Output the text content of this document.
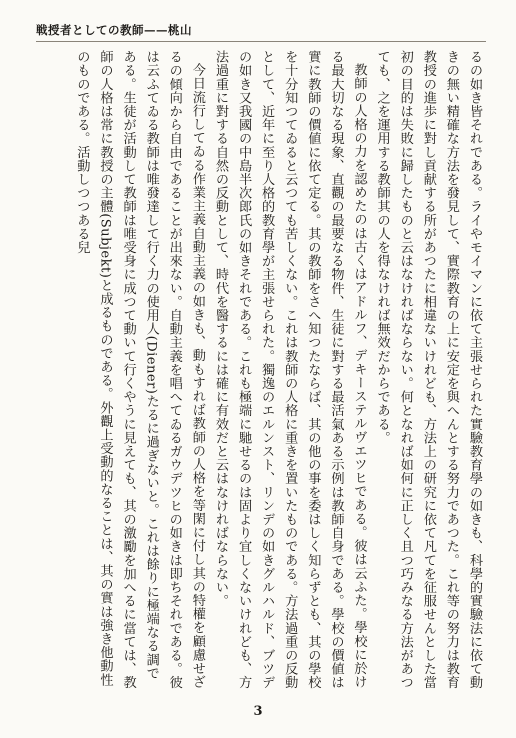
戦授者としての教師——桃山

るの如き皆それである。ライやモイマンに依て主張せられた實驗教育學の如きも、科學的實驗法に依て動きの無い精確な方法を發見して、實際教育の上に安定を與へんとする努力であつた。これ等の努力は教育教授の進歩に對し貢献する所があつたに相違ないけれども、方法上の研究に依て凡てを征服せんとした當初の目的は失敗に歸したものと云はなければならない。何となれば如何に正しく且つ巧みなる方法があつても、之を運用する教師其の人を得なければ無效だからである。

教師の人格の力を認めたのは古くはアドルフ、デキーステルヴエツヒである。彼は云ふた。學校に於ける最大切なる現象、直觀の最要なる物件、生徒に對する最活氣ある示例は教師自身である。學校の價値は實に教師の價値に依て定る。其の教師をさへ知つたならば、其の他の事を委はしく知らずとも、其の學校を十分知つてゐると云つても苦しくない。これは教師の人格に重きを置いたものである。方法過重の反動として、近年に至り人格的教育學が主張せられた。獨逸のエルンスト、リンデの如きグルハルド、ブツデの如き又我國の中島半次郎氏の如きそれである。これも極端に馳せるのは固より宜しくないけれども、方法過重に對する自然の反動として、時代を醫するには確に有效だと云はなければならない。

今日流行してゐる作業主義自動主義の如きも、動もすれば教師の人格を等閑に付し其の特權を顧慮せざるの傾向から自由であることが出來ない。自動主義を唱へてゐるガウデツヒの如きは即ちそれである。彼は云ふてゐる教師は唯發達して行く力の使用人(Diener)たるに過ぎないと。これは餘りに極端なる調である。生徒が活動して教師は唯受身に成つて動いて行くやうに見えても、其の激勵を加へるに當ては、教師の人格は常に教授の主體(Subjekt)と成るものである。外觀上受動的なることは、其の實は強き他動性のものである。活動しつつある兒

3
